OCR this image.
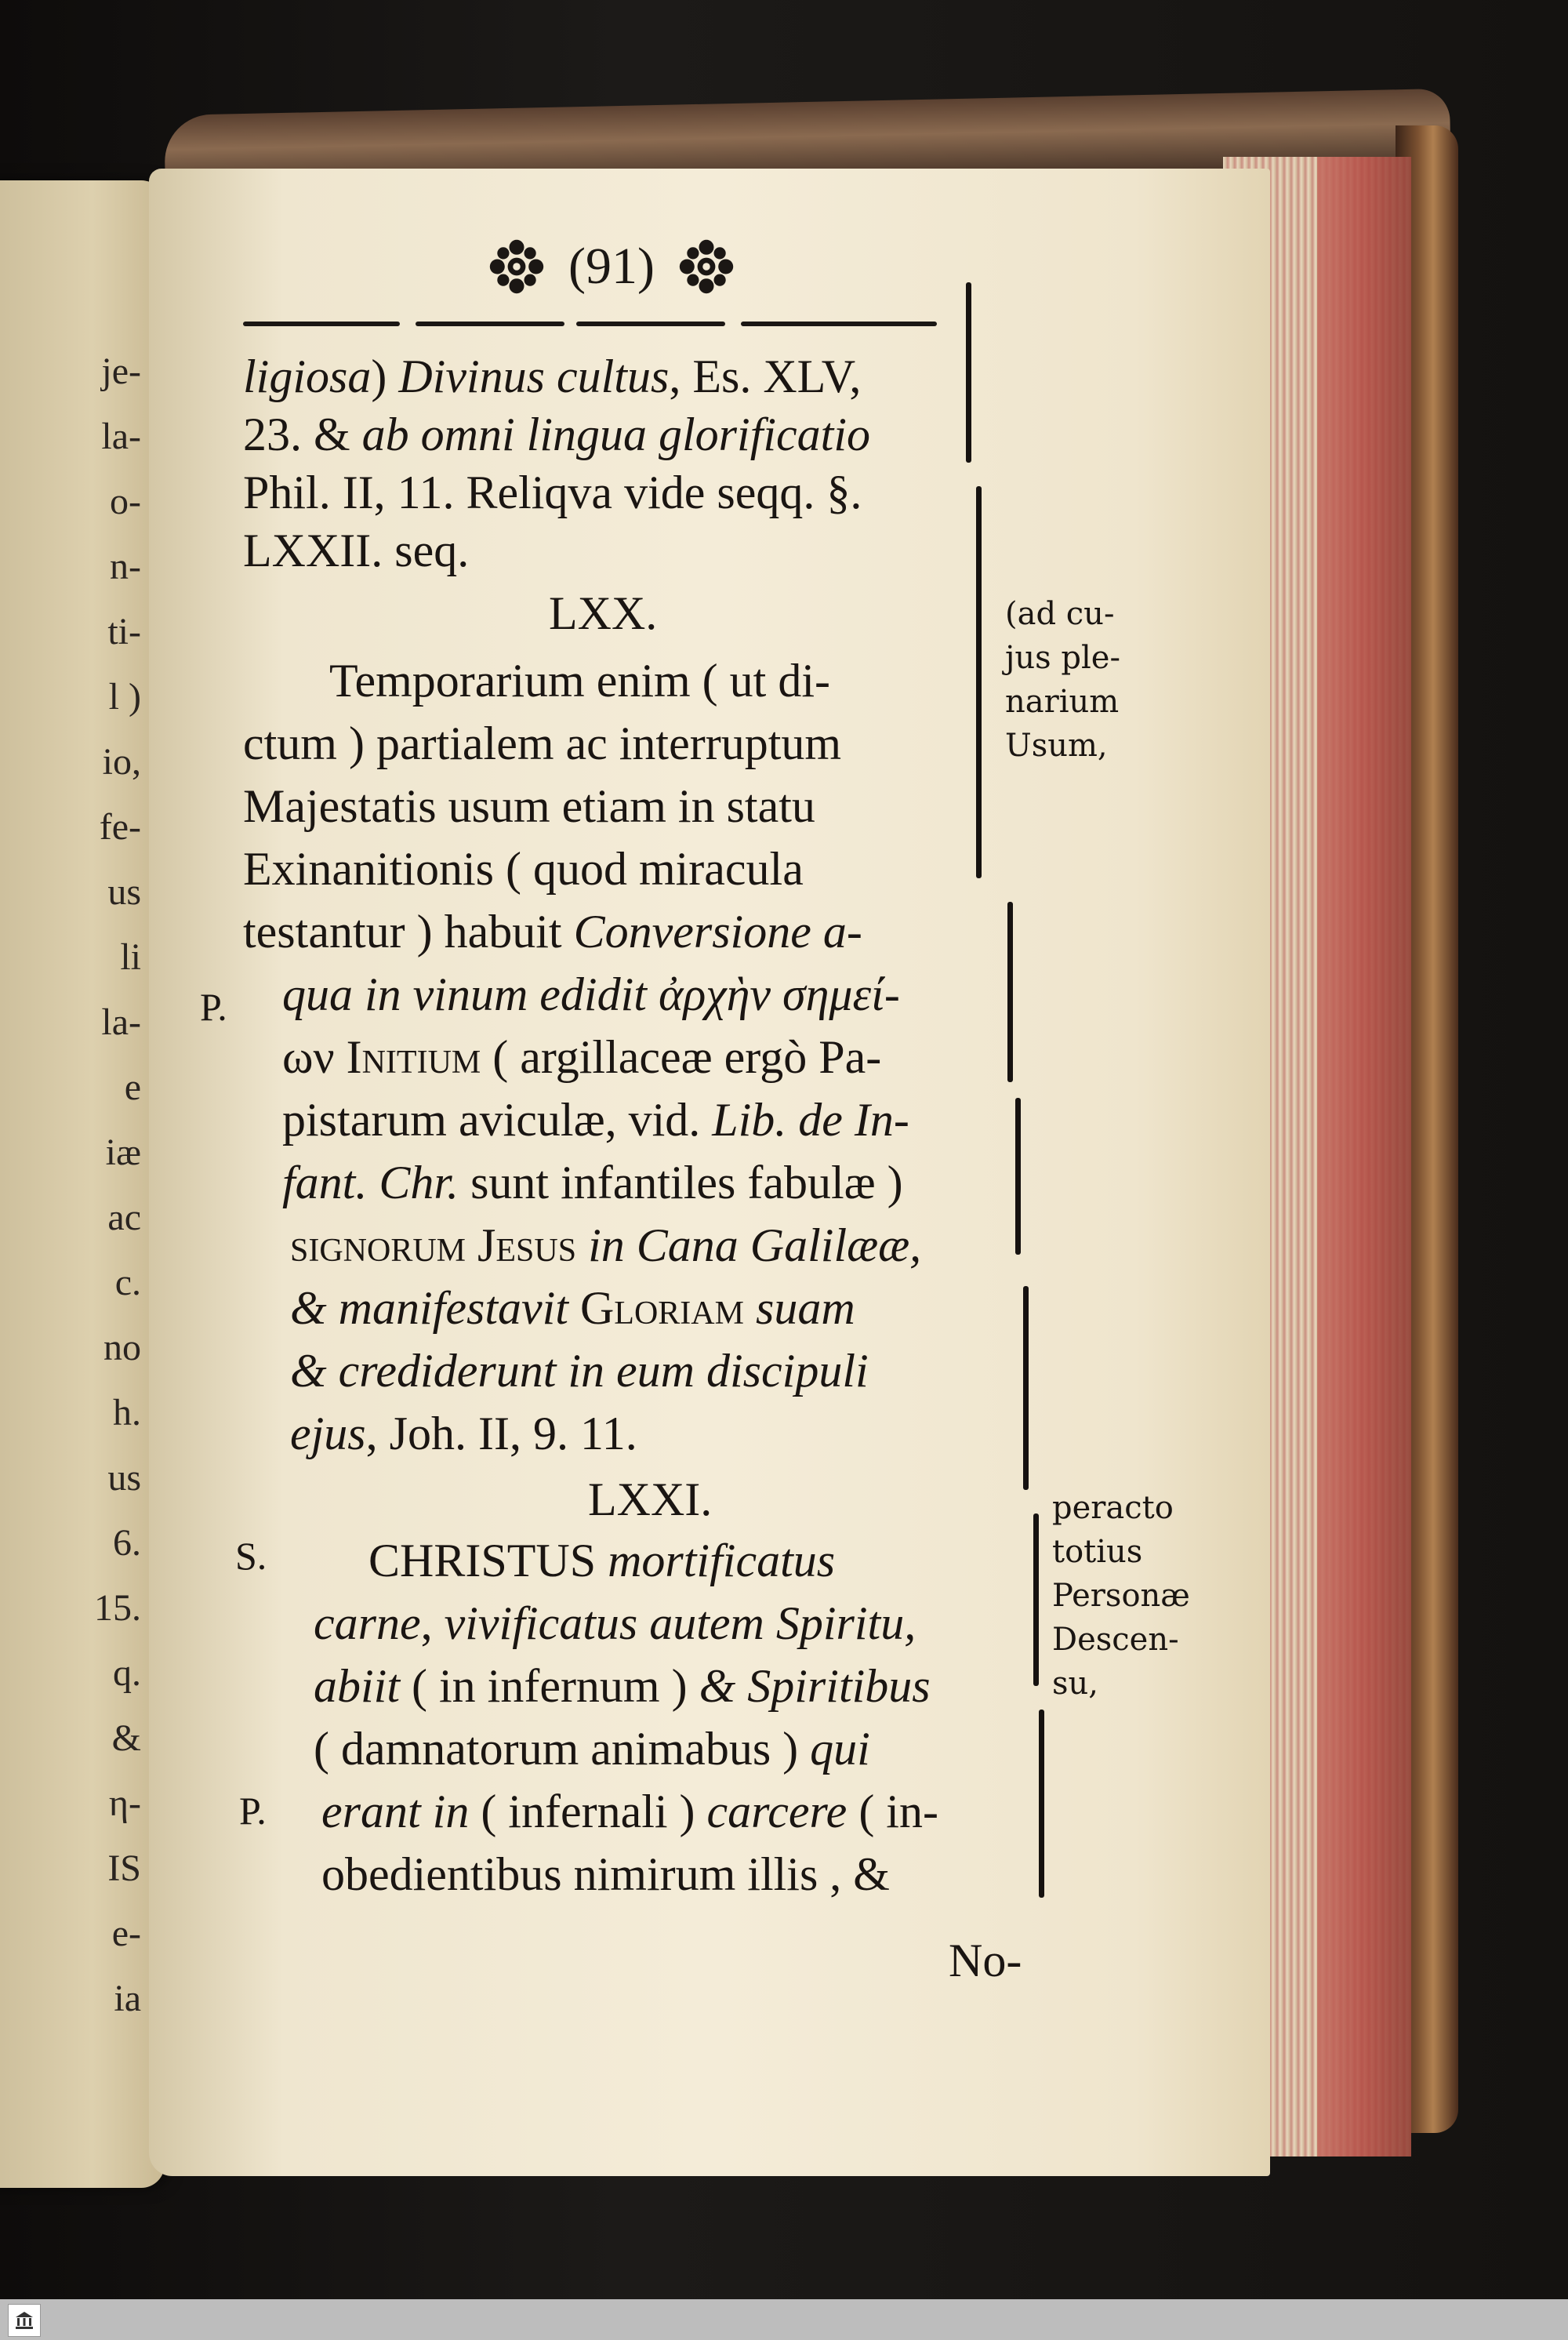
je-
la-
o-
n-
ti-
l )
io,
fe-
us
li
la-
e
iæ
ac
c.
no
h.
us
6.
15.
q.
&
η-
IS
e-
ia
(91)
ligiosa) Divinus cultus, Es. XLV,
23. & ab omni lingua glorificatio
Phil. II, 11. Reliqva vide seqq. §.
LXXII. seq.
LXX.
Temporarium enim ( ut di-
ctum ) partialem ac interruptum
Majestatis usum etiam in statu
Exinanitionis ( quod miracula
testantur ) habuit Conversione a-
qua in vinum edidit ἀρχὴν σημεί-
ων Initium ( argillaceæ ergò Pa-
pistarum aviculæ, vid. Lib. de In-
fant. Chr. sunt infantiles fabulæ )
signorum Jesus in Cana Galilææ,
& manifestavit Gloriam suam
& crediderunt in eum discipuli
ejus, Joh. II, 9. 11.
LXXI.
CHRISTUS mortificatus
carne, vivificatus autem Spiritu,
abiit ( in infernum ) & Spiritibus
( damnatorum animabus ) qui
erant in ( infernali ) carcere ( in-
obedientibus nimirum illis , &
No-
P.
S.
P.
(ad cu-
jus ple-
narium
Usum,
peracto
totius
Personæ
Descen-
su,
